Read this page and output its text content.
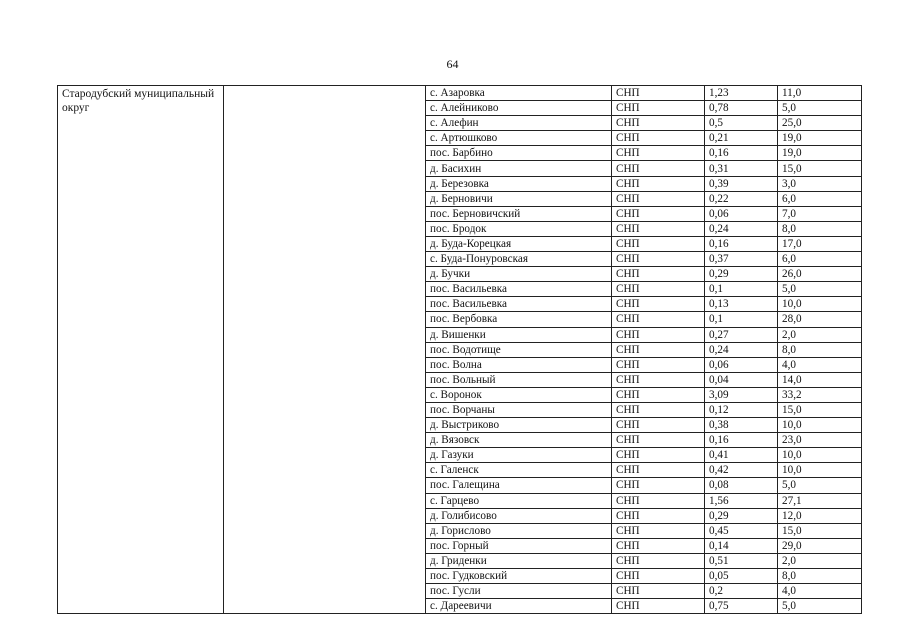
64
Стародубский муниципальный округ		с. Азаровка	СНП	1,23	11,0
		с. Алейниково	СНП	0,78	5,0
		с. Алефин	СНП	0,5	25,0
		с. Артюшково	СНП	0,21	19,0
		пос. Барбино	СНП	0,16	19,0
		д. Басихин	СНП	0,31	15,0
		д. Березовка	СНП	0,39	3,0
		д. Берновичи	СНП	0,22	6,0
		пос. Берновичский	СНП	0,06	7,0
		пос. Бродок	СНП	0,24	8,0
		д. Буда-Корецкая	СНП	0,16	17,0
		с. Буда-Понуровская	СНП	0,37	6,0
		д. Бучки	СНП	0,29	26,0
		пос. Васильевка	СНП	0,1	5,0
		пос. Васильевка	СНП	0,13	10,0
		пос. Вербовка	СНП	0,1	28,0
		д. Вишенки	СНП	0,27	2,0
		пос. Водотище	СНП	0,24	8,0
		пос. Волна	СНП	0,06	4,0
		пос. Вольный	СНП	0,04	14,0
		с. Воронок	СНП	3,09	33,2
		пос. Ворчаны	СНП	0,12	15,0
		д. Выстриково	СНП	0,38	10,0
		д. Вязовск	СНП	0,16	23,0
		д. Газуки	СНП	0,41	10,0
		с. Галенск	СНП	0,42	10,0
		пос. Галещина	СНП	0,08	5,0
		с. Гарцево	СНП	1,56	27,1
		д. Голибисово	СНП	0,29	12,0
		д. Горислово	СНП	0,45	15,0
		пос. Горный	СНП	0,14	29,0
		д. Гриденки	СНП	0,51	2,0
		пос. Гудковский	СНП	0,05	8,0
		пос. Гусли	СНП	0,2	4,0
		с. Дареевичи	СНП	0,75	5,0
